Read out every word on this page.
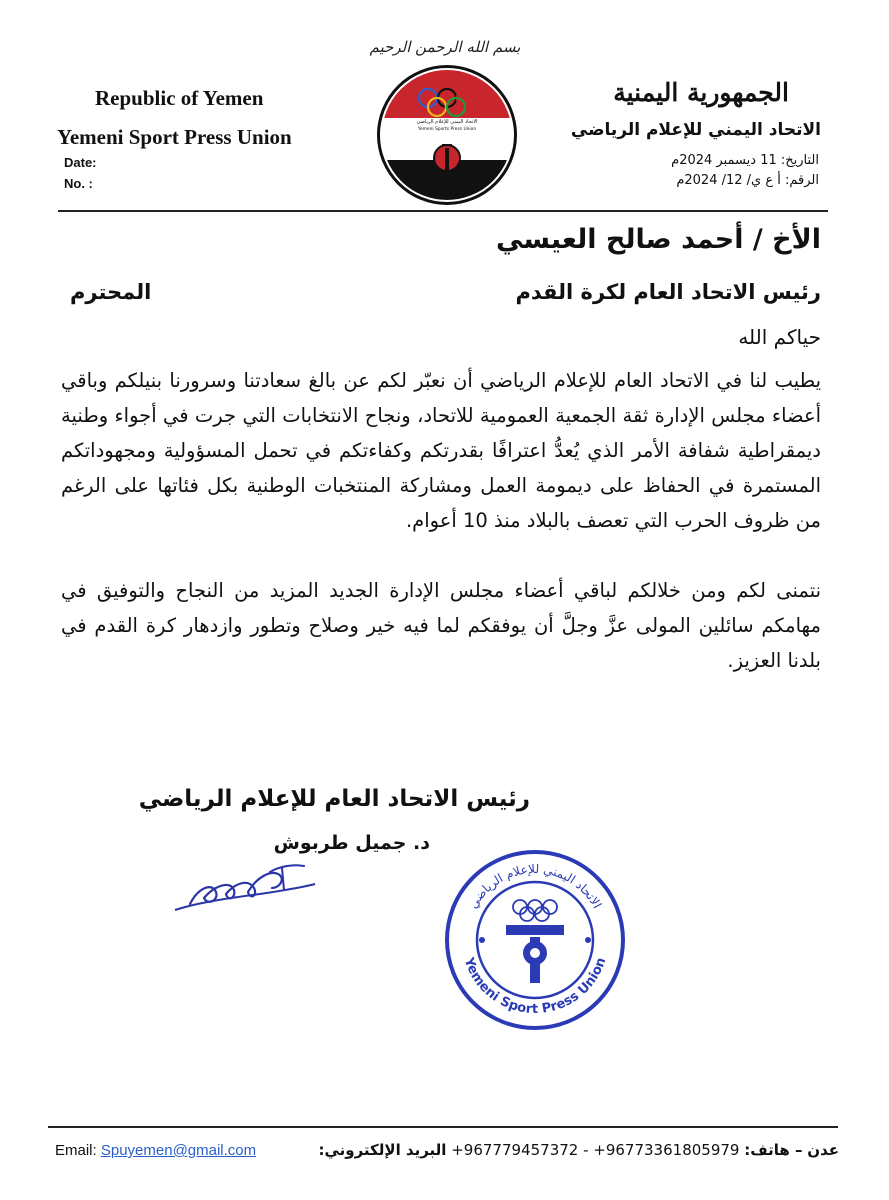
بسم الله الرحمن الرحيم
Republic of Yemen
Yemeni Sport Press Union
Date:
No. :
الجمهورية اليمنية
الاتحاد اليمني للإعلام الرياضي
التاريخ: 11 ديسمبر 2024م
الرقم: أ ع ي/ 12/ 2024م
الاتحاد اليمني للإعلام الرياضي
Yemeni Sports Press Union
الأخ / أحمد صالح العيسي
رئيس الاتحاد العام لكرة القدم
المحترم
حياكم الله
يطيب لنا في الاتحاد العام للإعلام الرياضي أن نعبّر لكم عن بالغ سعادتنا وسرورنا بنيلكم وباقي أعضاء مجلس الإدارة ثقة الجمعية العمومية للاتحاد، ونجاح الانتخابات التي جرت في أجواء وطنية ديمقراطية شفافة الأمر الذي يُعدُّ اعترافًا بقدرتكم وكفاءتكم في تحمل المسؤولية ومجهوداتكم المستمرة في الحفاظ على ديمومة العمل ومشاركة المنتخبات الوطنية بكل فئاتها على الرغم من ظروف الحرب التي تعصف بالبلاد منذ 10 أعوام.
نتمنى لكم ومن خلالكم لباقي أعضاء مجلس الإدارة الجديد المزيد من النجاح والتوفيق في مهامكم سائلين المولى عزَّ وجلَّ أن يوفقكم لما فيه خير وصلاح وتطور وازدهار كرة القدم في بلدنا العزيز.
رئيس الاتحاد العام للإعلام الرياضي
د. جميل طربوش
الاتحاد اليمني للإعلام الرياضي
Yemeni Sport Press Union
Email: Spuyemen@gmail.com	عدن – هاتف: +967779457372 - +96773361805979 البريد الإلكتروني:
